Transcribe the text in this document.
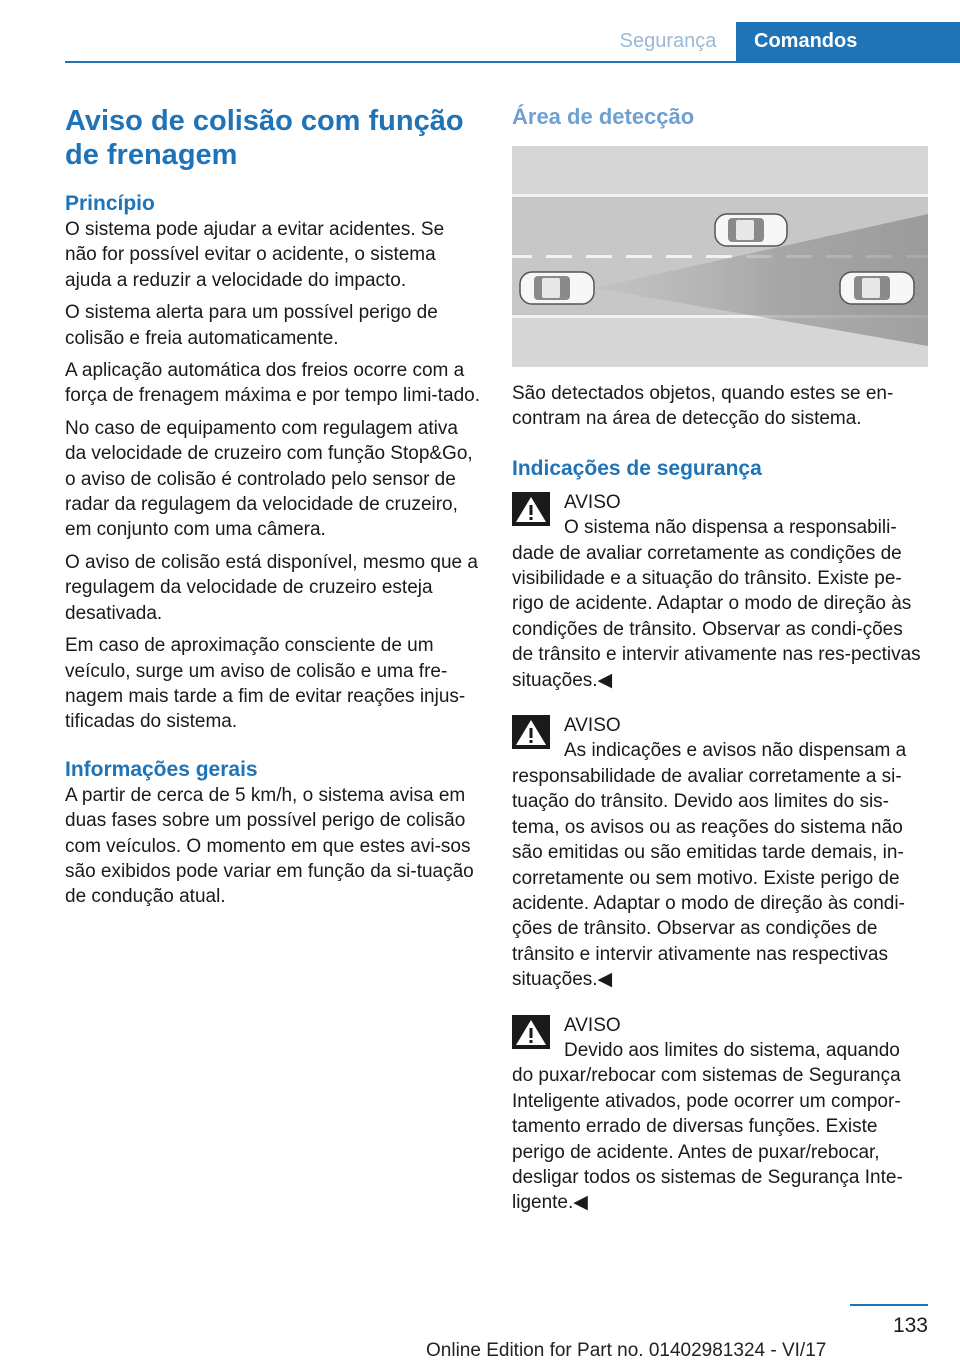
Segurança	Comandos
Aviso de colisão com função de frenagem
Princípio

O sistema pode ajudar a evitar acidentes. Se não for possível evitar o acidente, o sistema ajuda a reduzir a velocidade do impacto.

O sistema alerta para um possível perigo de colisão e freia automaticamente.

A aplicação automática dos freios ocorre com a força de frenagem máxima e por tempo limi-tado.

No caso de equipamento com regulagem ativa da velocidade de cruzeiro com função Stop&Go, o aviso de colisão é controlado pelo sensor de radar da regulagem da velocidade de cruzeiro, em conjunto com uma câmera.

O aviso de colisão está disponível, mesmo que a regulagem da velocidade de cruzeiro esteja desativada.

Em caso de aproximação consciente de um veículo, surge um aviso de colisão e uma fre-nagem mais tarde a fim de evitar reações injus-tificadas do sistema.

Informações gerais

A partir de cerca de 5 km/h, o sistema avisa em duas fases sobre um possível perigo de colisão com veículos. O momento em que estes avi-sos são exibidos pode variar em função da si-tuação de condução atual.

Área de detecção

São detectados objetos, quando estes se en-contram na área de detecção do sistema.

Indicações de segurança

AVISO

O sistema não dispensa a responsabili-

dade de avaliar corretamente as condições de visibilidade e a situação do trânsito. Existe pe-rigo de acidente. Adaptar o modo de direção às condições de trânsito. Observar as condi-ções de trânsito e intervir ativamente nas res-pectivas situações.◀

AVISO

As indicações e avisos não dispensam a

responsabilidade de avaliar corretamente a si-tuação do trânsito. Devido aos limites do sis-tema, os avisos ou as reações do sistema não são emitidas ou são emitidas tarde demais, in-corretamente ou sem motivo. Existe perigo de acidente. Adaptar o modo de direção às condi-ções de trânsito. Observar as condições de trânsito e intervir ativamente nas respectivas situações.◀

AVISO

Devido aos limites do sistema, aquando

do puxar/rebocar com sistemas de Segurança Inteligente ativados, pode ocorrer um compor-tamento errado de diversas funções. Existe perigo de acidente. Antes de puxar/rebocar, desligar todos os sistemas de Segurança Inte-ligente.◀

133
Online Edition for Part no. 01402981324 - VI/17
